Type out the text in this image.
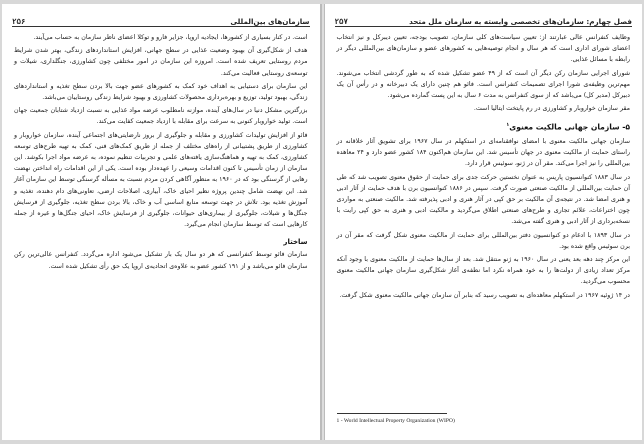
سازمان‌های بین‌المللی
۲۵۶

است. در کنار بسیاری از کشورها، ایجادیه اروپا، جزایر فارو و توکلا اعضای ناظر سازمان به حساب می‌آیند.

هدف از شکل‌گیری آن بهبود وضعیت غذایی در سطح جهانی، افزایش استانداردهای زندگی، بهتر شدن شرایط مردم روستایی تعریف شده است. امروزه این سازمان در امور مختلفی چون کشاورزی، جنگلداری، شیلات و توسعه‌ی روستایی فعالیت می‌کند.

این سازمان برای دستیابی به اهداف خود کمک به کشورهای عضو جهت بالا بردن سطح تغذیه و استانداردهای زندگی، بهبود تولید، توزیع و بهره‌برداری محصولات کشاورزی و بهبود شرایط زندگی روستاییان می‌باشد.

بزرگترین مشکل دنیا در سال‌های آینده، موازنه نامطلوب عرضه مواد غذایی به نسبت ازدیاد شتابان جمعیت جهان است. تولید خواروبار کنونی به سرعت برای مقابله با ازدیاد جمعیت کفایت می‌کند.

فائو از افزایش تولیدات کشاورزی و مقابله و جلوگیری از بروز نارضایتی‌های اجتماعی آینده، سازمان خواروبار و کشاورزی از طریق پشتیبانی از راه‌های مختلف از جمله از طریق کمک‌های فنی، کمک به تهیه طرح‌های توسعه کشاورزی، کمک به تهیه و هماهنگ‌سازی یافته‌های علمی و تجربیات تنظیم نموده، به عرضه مواد اجرا بکوشد. این سازمان از زمان تأسیس تا کنون اقدامات وسیعی را عهده‌دار بوده است. یکی از این اقدامات راه انداختن نهضت رهایی از گرسنگی بود که در ۱۹۶۰ به منظور آگاهی کردن مردم نسبت به مسأله گرسنگی توسط این سازمان آغاز شد. این نهضت شامل چندین پروژه نظیر احیای خاک، آبیاری، اصلاحات ارضی، تعاونی‌های دام دهنده، تغذیه و آموزش تغذیه بود. تلاش در جهت توسعه منابع اساسی آب و خاک، بالا بردن سطح تغذیه، جلوگیری از فرسایش جنگل‌ها و شیلات، جلوگیری از بیماری‌های حیوانات، جلوگیری از فرسایش خاک، احیای جنگل‌ها و غیره از جمله کارهایی است که توسط سازمان انجام می‌گیرد.

ساختار

سازمان فائو توسط کنفرانسی که هر دو سال یک بار تشکیل می‌شود اداره می‌گردد. کنفرانس عالی‌ترین رکن سازمان فائو می‌باشد و از ۱۹۱ کشور عضو به علاوه‌ی اتحادیه‌ی اروپا یک حق رأی تشکیل شده است.

فصل چهارم: سازمان‌های تخصصی وابسته به سازمان ملل متحد
۲۵۷

وظایف کنفرانس عالی عبارتند از: تعیین سیاست‌های کلی سازمان، تصویب بودجه، تعیین دیبرکل و نیز انتخاب اعضای شورای اداری است که هر سال و انجام توصیه‌هایی به کشورهای عضو و سازمان‌های بین‌المللی دیگر در رابطه با مسائل غذایی.

شورای اجرایی سازمان رکن دیگر آن است که از ۴۹ عضو تشکیل شده که به طور گردشی انتخاب می‌شوند. مهم‌ترین وظیفه‌ی شورا اجرای تصمیمات کنفرانس است. فائو هم چنین دارای یک دبیرخانه و در رأس آن یک دبیرکل (مدیر کل) می‌باشد که از سوی کنفرانس به مدت ۶ سال به این پست گمارده می‌شود.

مقر سازمان خواروبار و کشاورزی در رم پایتخت ایتالیا است.

۵- سازمان جهانی مالکیت معنوی$^۱$

سازمان جهانی مالکیت معنوی با امضای نوافقنامه‌ای در استکهلم در سال ۱۹۶۷ برای تشویق آثار خلاقانه در راستای حمایت از مالکیت معنوی در جهان تأسیس شد. این سازمان هم‌اکنون ۱۸۴ کشور عضو دارد و ۲۴ معاهده بین‌المللی را نیز اجرا می‌کند. مقر آن در ژنو، سوئیس قرار دارد.

در سال ۱۸۸۳ کنوانسیون پاریس به عنوان نخستین حرکت جدی برای حمایت از حقوق معنوی تصویب شد که طی آن حمایت بین‌المللی از مالکیت صنعتی صورت گرفت. سپس در ۱۸۸۶ کنوانسیون برن با هدف حمایت از آثار ادبی و هنری امضا شد. در نتیجه‌ی آن مالکیت بر حق کپی در آثار هنری و ادبی پذیرفته شد. مالکیت صنعتی به مواردی چون اختراعات، علائم تجاری و طرح‌های صنعتی اطلاق می‌گردید و مالکیت ادبی و هنری به حق کپی رایت با نسخه‌برداری از آثار ادبی و هنری گفته می‌شد.

در سال ۱۸۹۳ با ادغام دو کنوانسیون دفتر بین‌المللی برای حمایت از مالکیت معنوی شکل گرفت که مقر آن در برن سوئیس واقع شده بود.

این مرکز چند دهه بعد یعنی در سال ۱۹۶۰ به ژنو منتقل شد. بعد از سال‌ها حمایت از مالکیت معنوی با وجود آنکه مرکز تعداد زیادی از دولت‌ها را به خود همراه نکرد اما نطفه‌ی آغاز شکل‌گیری سازمان جهانی مالکیت معنوی محسوب می‌گردید.

در ۱۴ ژوئیه ۱۹۶۷ در استکهلم معاهده‌ای به تصویب رسید که بنابر آن سازمان جهانی مالکیت معنوی شکل گرفت.

1 - World Intellectual Property Organization (WIPO)
